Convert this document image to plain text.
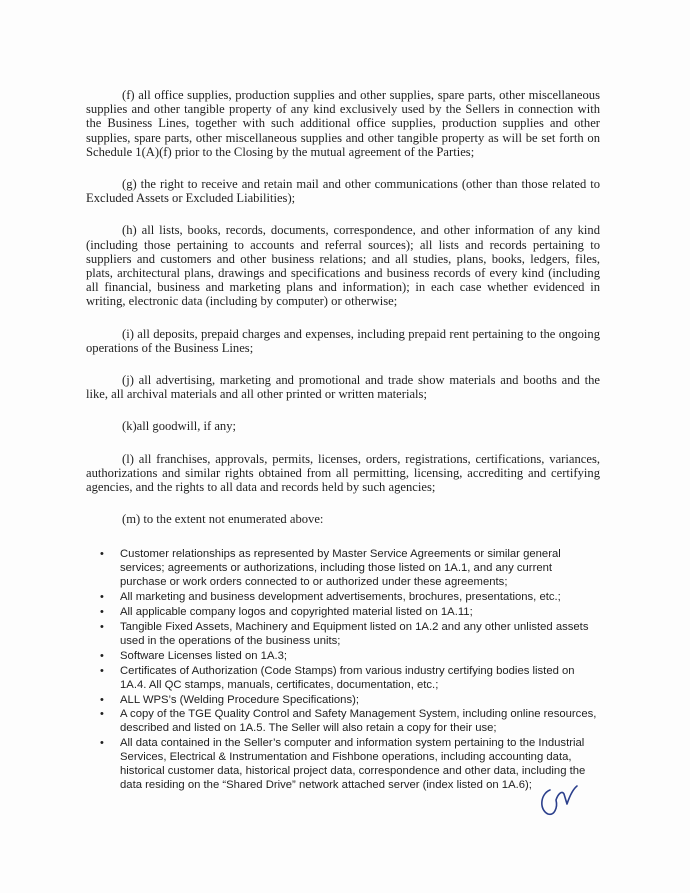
(f) all office supplies, production supplies and other supplies, spare parts, other miscellaneous supplies and other tangible property of any kind exclusively used by the Sellers in connection with the Business Lines, together with such additional office supplies, production supplies and other supplies, spare parts, other miscellaneous supplies and other tangible property as will be set forth on Schedule 1(A)(f) prior to the Closing by the mutual agreement of the Parties;

(g) the right to receive and retain mail and other communications (other than those related to Excluded Assets or Excluded Liabilities);

(h) all lists, books, records, documents, correspondence, and other information of any kind (including those pertaining to accounts and referral sources); all lists and records pertaining to suppliers and customers and other business relations; and all studies, plans, books, ledgers, files, plats, architectural plans, drawings and specifications and business records of every kind (including all financial, business and marketing plans and information); in each case whether evidenced in writing, electronic data (including by computer) or otherwise;

(i) all deposits, prepaid charges and expenses, including prepaid rent pertaining to the ongoing operations of the Business Lines;

(j) all advertising, marketing and promotional and trade show materials and booths and the like, all archival materials and all other printed or written materials;

(k)all goodwill, if any;

(l) all franchises, approvals, permits, licenses, orders, registrations, certifications, variances, authorizations and similar rights obtained from all permitting, licensing, accrediting and certifying agencies, and the rights to all data and records held by such agencies;

(m) to the extent not enumerated above:

• Customer relationships as represented by Master Service Agreements or similar general services; agreements or authorizations, including those listed on 1A.1, and any current purchase or work orders connected to or authorized under these agreements;
• All marketing and business development advertisements, brochures, presentations, etc.;
• All applicable company logos and copyrighted material listed on 1A.11;
• Tangible Fixed Assets, Machinery and Equipment listed on 1A.2 and any other unlisted assets used in the operations of the business units;
• Software Licenses listed on 1A.3;
• Certificates of Authorization (Code Stamps) from various industry certifying bodies listed on 1A.4. All QC stamps, manuals, certificates, documentation, etc.;
• ALL WPS’s (Welding Procedure Specifications);
• A copy of the TGE Quality Control and Safety Management System, including online resources, described and listed on 1A.5. The Seller will also retain a copy for their use;
• All data contained in the Seller’s computer and information system pertaining to the Industrial Services, Electrical & Instrumentation and Fishbone operations, including accounting data, historical customer data, historical project data, correspondence and other data, including the data residing on the “Shared Drive” network attached server (index listed on 1A.6);
